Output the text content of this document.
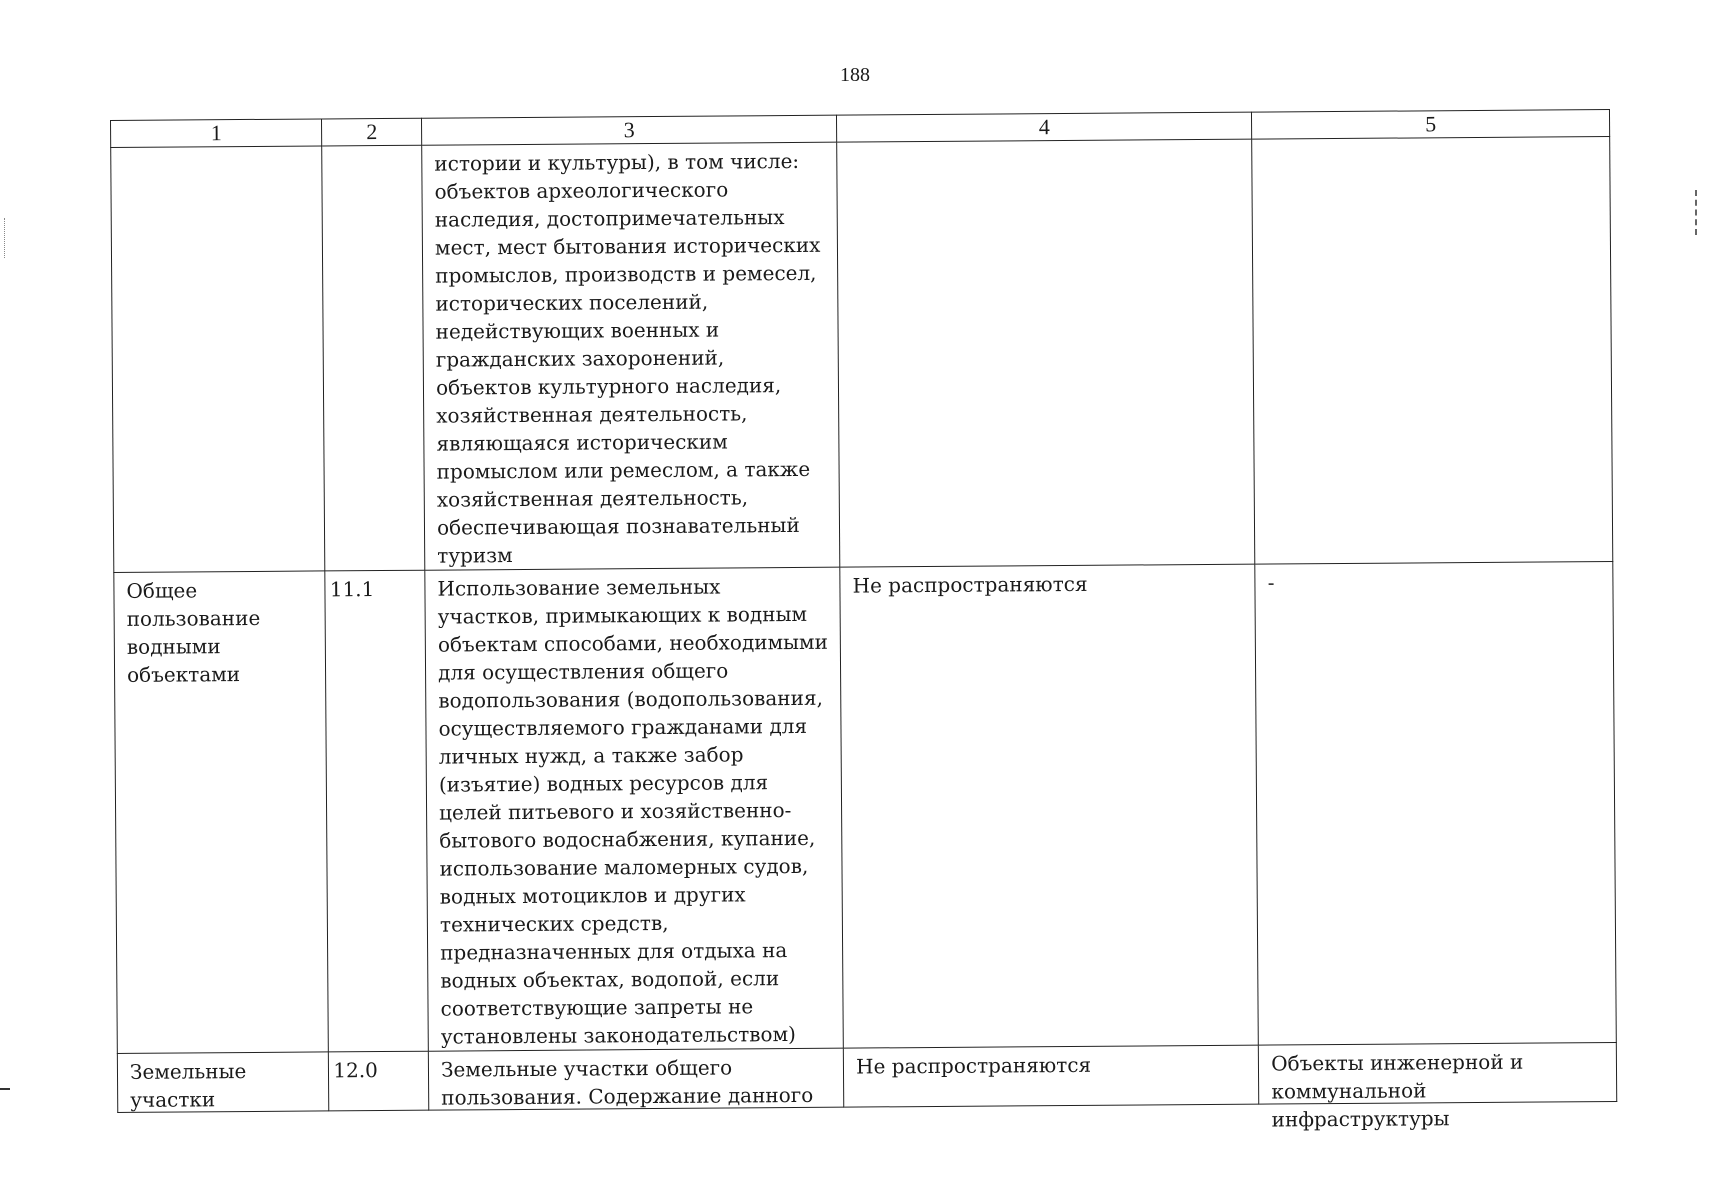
188
1	2	3	4	5
		истории и культуры), в том числе: объектов археологического наследия, достопримечательных мест, мест бытования исторических промыслов, производств и ремесел, исторических поселений, недействующих военных и гражданских захоронений, объектов культурного наследия, хозяйственная деятельность, являющаяся историческим промыслом или ремеслом, а также хозяйственная деятельность, обеспечивающая познавательный туризм		
Общее пользование водными объектами	11.1	Использование земельных участков, примыкающих к водным объектам способами, необходимыми для осуществления общего водопользования (водопользования, осуществляемого гражданами для личных нужд, а также забор (изъятие) водных ресурсов для целей питьевого и хозяйственно-бытового водоснабжения, купание, использование маломерных судов, водных мотоциклов и других технических средств, предназначенных для отдыха на водных объектах, водопой, если соответствующие запреты не установлены законодательством)	Не распространяются	-

Земельные участки	12.0	Земельные участки общего пользования. Содержание данного	Не распространяются	Объекты инженерной и коммунальной инфраструктуры
